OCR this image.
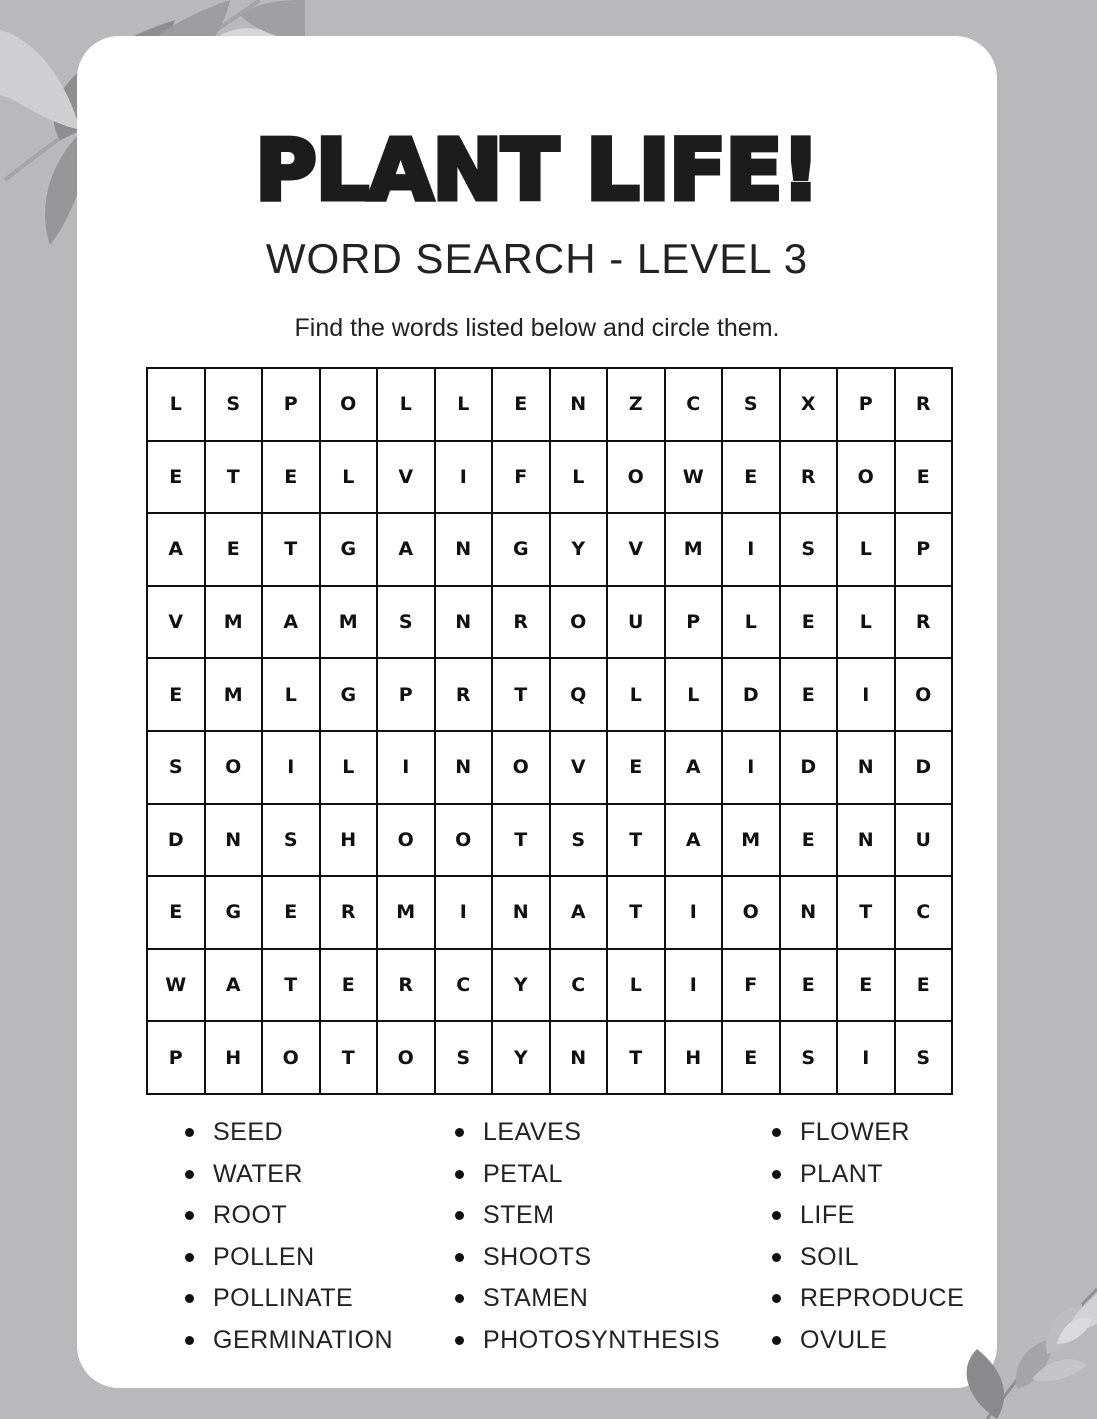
PLANT LIFE!
WORD SEARCH - LEVEL 3
Find the words listed below and circle them.
L	S	P	O	L	L	E	N	Z	C	S	X	P	R
E	T	E	L	V	I	F	L	O	W	E	R	O	E
A	E	T	G	A	N	G	Y	V	M	I	S	L	P
V	M	A	M	S	N	R	O	U	P	L	E	L	R
E	M	L	G	P	R	T	Q	L	L	D	E	I	O
S	O	I	L	I	N	O	V	E	A	I	D	N	D
D	N	S	H	O	O	T	S	T	A	M	E	N	U
E	G	E	R	M	I	N	A	T	I	O	N	T	C
W	A	T	E	R	C	Y	C	L	I	F	E	E	E
P	H	O	T	O	S	Y	N	T	H	E	S	I	S
SEED
WATER
ROOT
POLLEN
POLLINATE
GERMINATION
LEAVES
PETAL
STEM
SHOOTS
STAMEN
PHOTOSYNTHESIS
FLOWER
PLANT
LIFE
SOIL
REPRODUCE
OVULE
